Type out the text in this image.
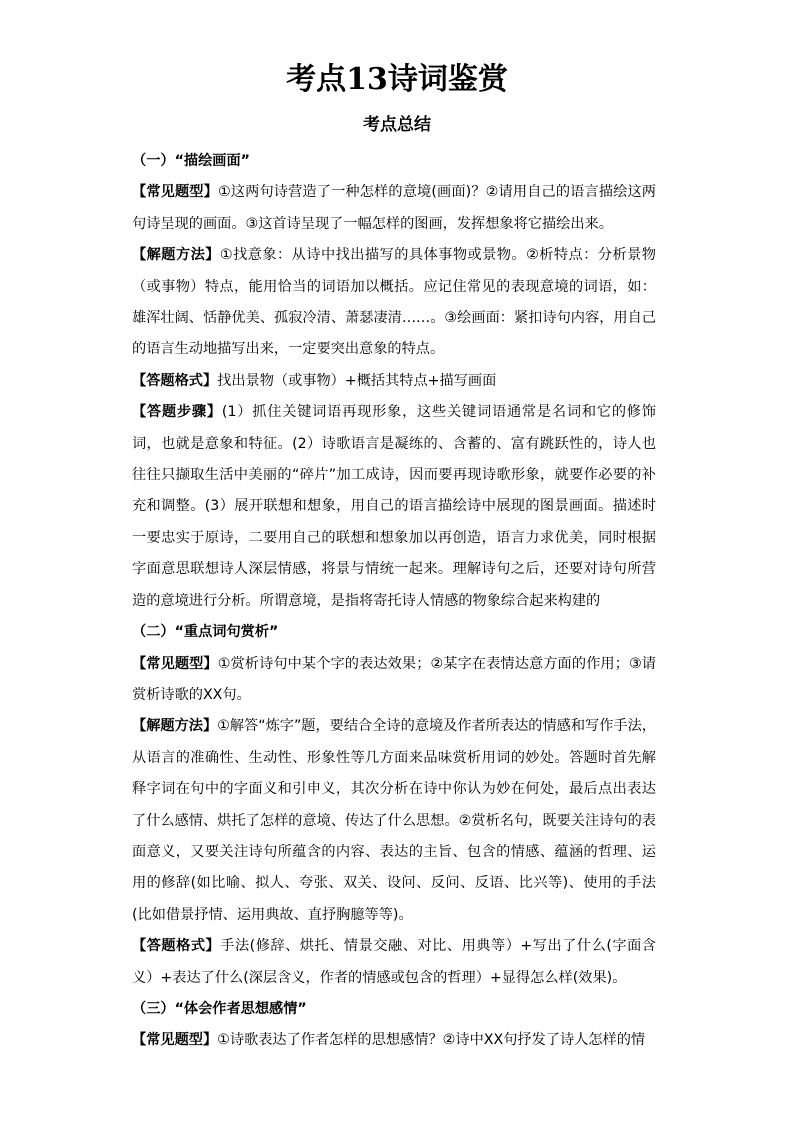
考点13诗词鉴赏
考点总结

（一）“描绘画面”

【常见题型】①这两句诗营造了一种怎样的意境(画面)？②请用自己的语言描绘这两句诗呈现的画面。③这首诗呈现了一幅怎样的图画，发挥想象将它描绘出来。

【解题方法】①找意象：从诗中找出描写的具体事物或景物。②析特点：分析景物（或事物）特点，能用恰当的词语加以概括。应记住常见的表现意境的词语，如：雄浑壮阔、恬静优美、孤寂冷清、萧瑟凄清……。③绘画面：紧扣诗句内容，用自己的语言生动地描写出来，一定要突出意象的特点。

【答题格式】找出景物（或事物）+概括其特点+描写画面

【答题步骤】(1）抓住关键词语再现形象，这些关键词语通常是名词和它的修饰词，也就是意象和特征。(2）诗歌语言是凝练的、含蓄的、富有跳跃性的，诗人也往往只撷取生活中美丽的“碎片”加工成诗，因而要再现诗歌形象，就要作必要的补充和调整。(3）展开联想和想象，用自己的语言描绘诗中展现的图景画面。描述时一要忠实于原诗，二要用自己的联想和想象加以再创造，语言力求优美，同时根据字面意思联想诗人深层情感，将景与情统一起来。理解诗句之后，还要对诗句所营造的意境进行分析。所谓意境，是指将寄托诗人情感的物象综合起来构建的

（二）“重点词句赏析”

【常见题型】①赏析诗句中某个字的表达效果；②某字在表情达意方面的作用；③请赏析诗歌的XX句。

【解题方法】①解答“炼字”题，要结合全诗的意境及作者所表达的情感和写作手法，从语言的准确性、生动性、形象性等几方面来品味赏析用词的妙处。答题时首先解释字词在句中的字面义和引申义，其次分析在诗中你认为妙在何处，最后点出表达了什么感情、烘托了怎样的意境、传达了什么思想。②赏析名句，既要关注诗句的表面意义，又要关注诗句所蕴含的内容、表达的主旨、包含的情感、蕴涵的哲理、运用的修辞(如比喻、拟人、夸张、双关、设问、反问、反语、比兴等)、使用的手法(比如借景抒情、运用典故、直抒胸臆等等)。

【答题格式】手法(修辞、烘托、情景交融、对比、用典等）+写出了什么(字面含义）+表达了什么(深层含义，作者的情感或包含的哲理）+显得怎么样(效果)。

（三）“体会作者思想感情”

【常见题型】①诗歌表达了作者怎样的思想感情？②诗中XX句抒发了诗人怎样的情
